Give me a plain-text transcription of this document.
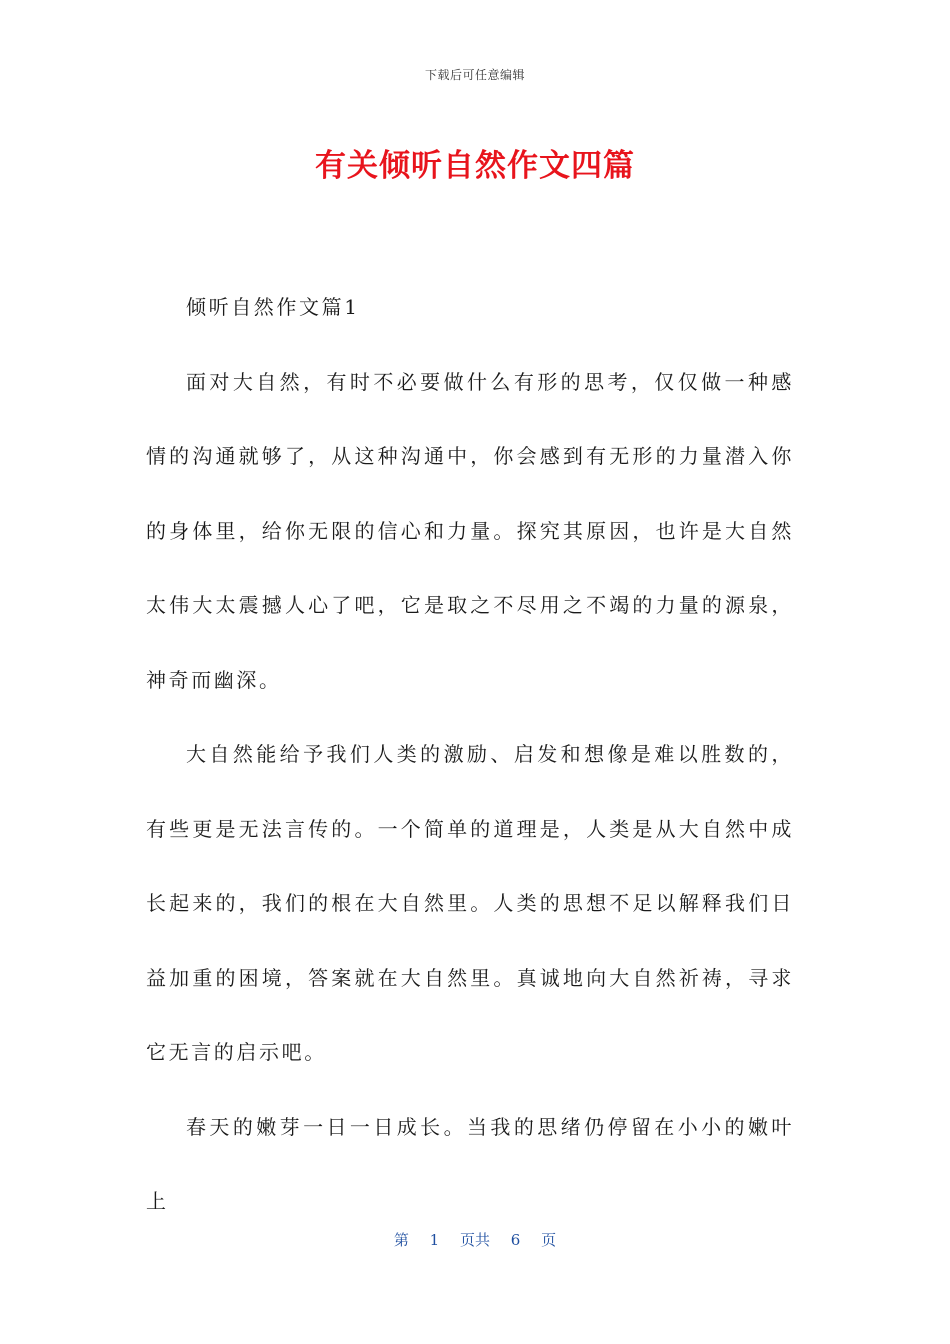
下载后可任意编辑
有关倾听自然作文四篇

倾听自然作文篇1

面对大自然，有时不必要做什么有形的思考，仅仅做一种感情的沟通就够了，从这种沟通中，你会感到有无形的力量潜入你的身体里，给你无限的信心和力量。探究其原因，也许是大自然太伟大太震撼人心了吧，它是取之不尽用之不竭的力量的源泉，神奇而幽深。

大自然能给予我们人类的激励、启发和想像是难以胜数的，有些更是无法言传的。一个简单的道理是，人类是从大自然中成长起来的，我们的根在大自然里。人类的思想不足以解释我们日益加重的困境，答案就在大自然里。真诚地向大自然祈祷，寻求它无言的启示吧。

春天的嫩芽一日一日成长。当我的思绪仍停留在小小的嫩叶上

第 1 页共 6 页
